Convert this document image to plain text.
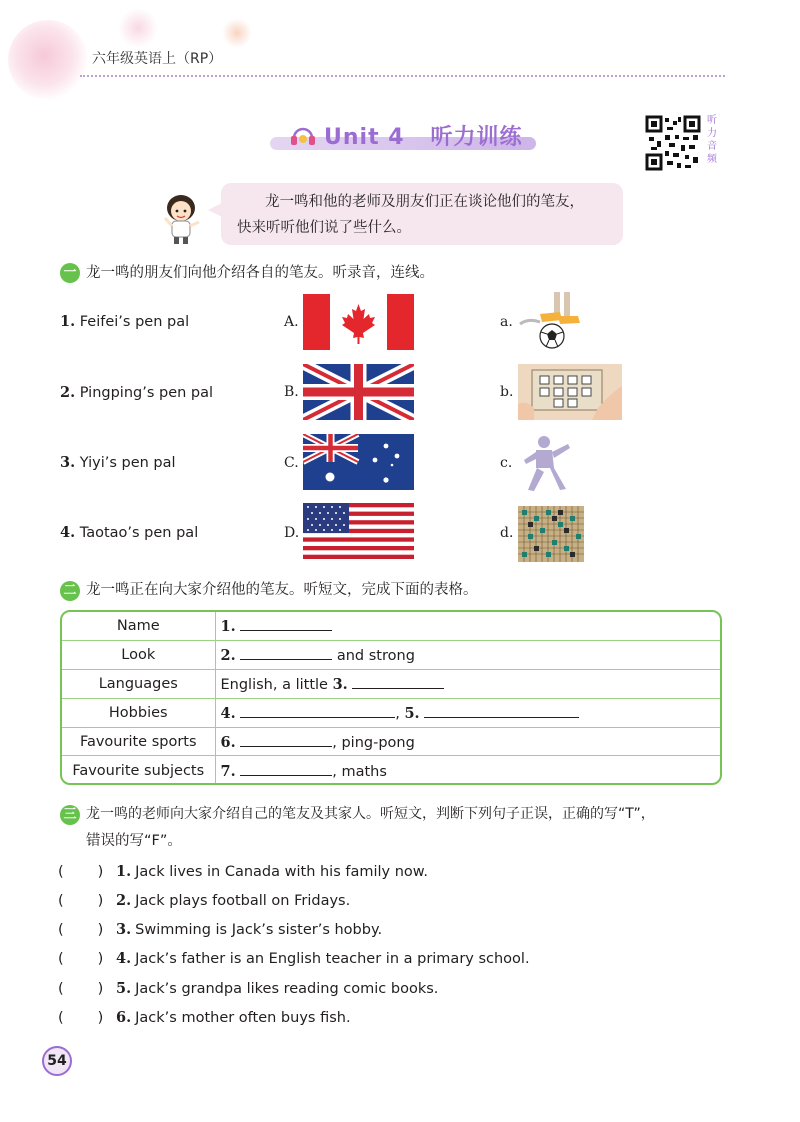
六年级英语上（RP）
Unit 4   听力训练
听力音频
龙一鸣和他的老师及朋友们正在谈论他们的笔友，
快来听听他们说了些什么。
一 龙一鸣的朋友们向他介绍各自的笔友。听录音，连线。
1. Feifei’s pen pal
2. Pingping’s pen pal
3. Yiyi’s pen pal
4. Taotao’s pen pal
A.
B.
C.
D.
a.
b.
c.
d.
二 龙一鸣正在向大家介绍他的笔友。听短文，完成下面的表格。
Name	1.
Look	2. and strong
Languages	English, a little 3.
Hobbies	4. , 5.
Favourite sports	6. , ping-pong
Favourite subjects	7. , maths
三 龙一鸣的老师向大家介绍自己的笔友及其家人。听短文，判断下列句子正误，正确的写“T”，
错误的写“F”。
( ) 1. Jack lives in Canada with his family now.
( ) 2. Jack plays football on Fridays.
( ) 3. Swimming is Jack’s sister’s hobby.
( ) 4. Jack’s father is an English teacher in a primary school.
( ) 5. Jack’s grandpa likes reading comic books.
( ) 6. Jack’s mother often buys fish.
54
